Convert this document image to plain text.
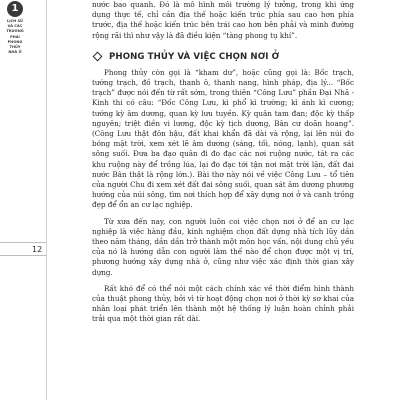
1
LỊCH SỬ
VÀ CÁC
TRƯỜNG
PHÁI
PHONG
THỦY
NHÀ Ở
12

nước bao quanh. Đó là mô hình môi trường lý tưởng, trong khi ứng dụng thực tế, chỉ cần địa thế hoặc kiến trúc phía sau cao hơn phía trước, địa thế hoặc kiến trúc bên trái cao hơn bên phải và minh đường rộng rãi thì như vậy là đã điều kiện “tàng phong tụ khí”.

PHONG THỦY VÀ VIỆC CHỌN NƠI Ở

Phong thủy còn gọi là “kham dư”, hoặc cũng gọi là: Bốc trạch, tướng trạch, đồ trạch, thanh ô, thanh nang, hình pháp, địa lý... “Bốc trạch” được nói đến từ rất sớm, trong thiên “Công Lưu” phần Đại Nhã - Kinh thi có câu: “Đốc Công Lưu, kì phổ kì trường; kì ánh kì cương; tướng kỳ âm dương, quan kỳ lưu tuyền. Kỳ quân tam đan; độc kỳ thấp nguyên; triệt điền vi lương, độc kỳ tịch dương, Bân cư doãn hoang”. (Công Lưu thật đôn hậu, đất khai khẩn đã dài và rộng, lại lên núi đo bóng mặt trời, xem xét lẽ âm dương (sáng, tối, nóng, lạnh), quan sát sông suối. Đưa ba đạo quân đi đo đạc các nơi ruộng nước, tát ra các khu ruộng này để trồng lúa, lại đo đạc tới tận nơi mặt trời lặn, đất đai nước Bân thật là rộng lớn.). Bài thơ này nói về việc Công Lưu – tổ tiên của người Chu đi xem xét đất đai sông suối, quan sát âm dương phương hướng của núi sông, tìm nơi thích hợp để xây dựng nơi ở và canh trồng đẹp để ổn an cư lạc nghiệp.

Từ xưa đến nay, con người luôn coi việc chọn nơi ở để an cư lạc nghiệp là việc hàng đầu, kinh nghiệm chọn đất dựng nhà tích lũy dần theo năm tháng, dần dần trở thành một môn học vấn, nội dung chủ yếu của nó là hướng dẫn con người làm thế nào để chọn được một vị trí, phương hướng xây dựng nhà ở, cũng như việc xác định thời gian xây dựng.

Rất khó để có thể nói một cách chính xác về thời điểm hình thành của thuật phong thủy, bởi vì từ hoạt động chọn nơi ở thời kỳ sơ khai của nhân loại phát triển lên thành một hệ thống lý luận hoàn chỉnh phải trải qua một thời gian rất dài.
